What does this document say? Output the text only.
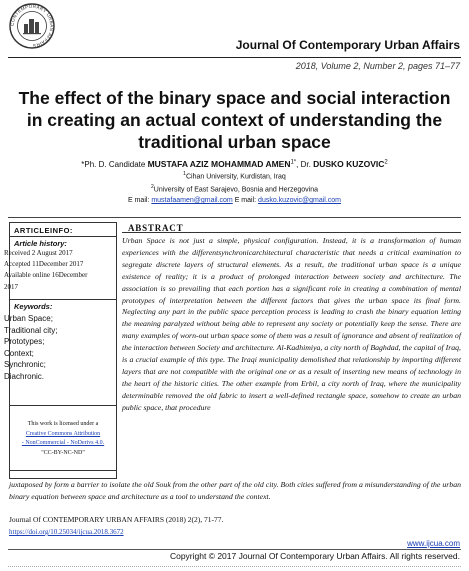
CONTEMPORARY URBAN AFFAIRS	Journal Of Contemporary Urban Affairs
2018, Volume 2, Number 2, pages 71–77
The effect of the binary space and social interaction
in creating an actual context of understanding the
traditional urban space
*Ph. D. Candidate MUSTAFA AZIZ MOHAMMAD $AMEN^{1*}$, Dr. DUSKO KUZOVIC$^2$
$^1$Cihan University, Kurdistan, Iraq
$^2$University of East Sarajevo, Bosnia and Herzegovina
E mail: mustafaamen@gmail.com E mail: dusko.kuzovic@gmail.com
ARTICLEINFO:
Article history:
Keywords:
Received 2 August 2017
Accepted 11December 2017
Available online 16December
2017
Urban Space;
Traditional city;
Prototypes;
Context;
Synchronic;
Diachronic.
ABSTRACT
Urban Space is not just a simple, physical configuration. Instead, it is a transformation of human experiences with the differentsynchronicarchitectural characteristic that needs a critical examination to segregate discrete layers of structural elements. As a result, the traditional urban space is a unique existence of reality; it is a product of prolonged interaction between society and architecture. The association is so prevailing that each portion has a significant role in creating a combination of mental prototypes of interpretation between the different factors that gives the urban space its final form. Neglecting any part in the public space perception process is leading to crash the binary equation letting the meaning paralyzed without being able to represent any society or potentially keep the sense. There are many examples of worn-out urban space some of them was a result of ignorance and absent of realization of the interaction between Society and architecture. Al-Kadhimiya, a city north of Baghdad, the capital of Iraq, is a crucial example of this type. The Iraqi municipality demolished that relationship by importing different layers that are not compatible with the original one or as a result of inserting new means of technology in the heart of the historic cities. The other example from Erbil, a city north of Iraq, where the municipality determinable removed the old fabric to insert a well-defined rectangle space, somehow to create an urban public space, that procedure
This work is licensed under a
Creative Commons Attribution
- NonCommercial - NoDerivs 4.0.
"CC-BY-NC-ND"
juxtaposed by form a barrier to isolate the old Souk from the other part of the old city. Both cities suffered from a misunderstanding of the urban binary equation between space and architecture as a tool to understand the context.
Journal Of CONTEMPORARY URBAN AFFAIRS (2018) 2(2), 71-77.
https://doi.org/10.25034/ijcua.2018.3672
www.ijcua.com
Copyright © 2017 Journal Of Contemporary Urban Affairs. All rights reserved.
